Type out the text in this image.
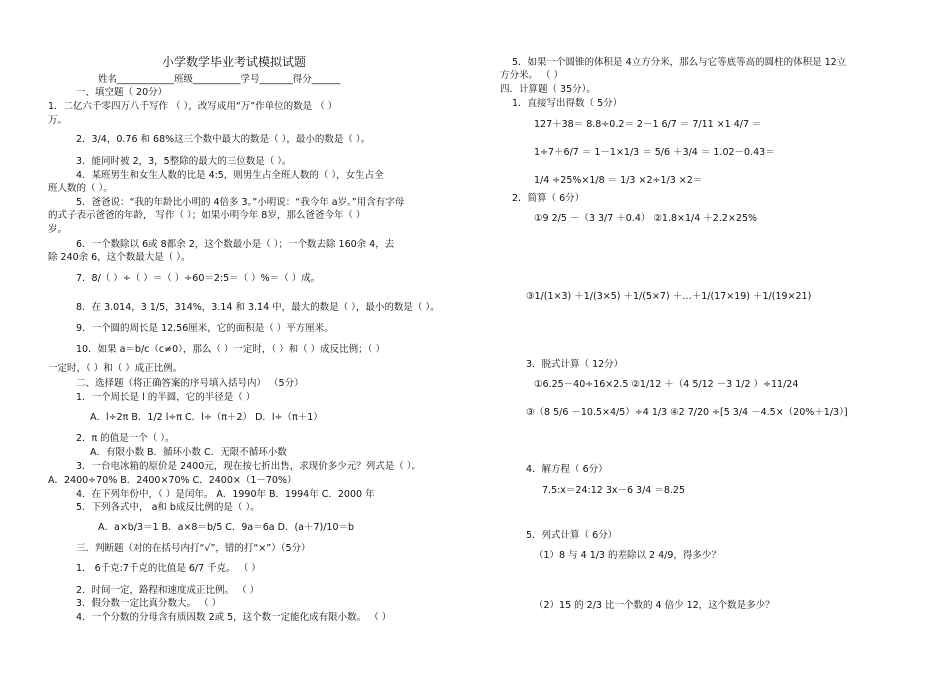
小学数学毕业考试模拟试题
姓名____________班级__________学号_______得分______
一、填空题（ 20分）
1．二亿六千零四万八千写作 （ ），改写成用“万”作单位的数是 （ ）
万。
2．3/4，0.76 和 68%这三个数中最大的数是（ ），最小的数是（ ）。
3．能同时被 2，3，5整除的最大的三位数是（ ）。
4．某班男生和女生人数的比是 4:5，则男生占全班人数的（ ），女生占全
班人数的（ ）。
5．爸爸说：“我的年龄比小明的 4倍多 3。”小明说：“我今年 a岁。”用含有字母
的式子表示爸爸的年龄， 写作（ ）；如果小明今年 8岁，那么爸爸今年（ ）
岁。
6．一个数除以 6或 8都余 2，这个数最小是（ ）；一个数去除 160余 4，去
除 240余 6，这个数最大是（ ）。
7．8/（ ）÷（ ）＝（ ）÷60＝2:5＝（ ）%＝（ ）成。
8．在 3.014，3 1/5，314%，3.14̇ 和 3.1̇4̇ 中，最大的数是（ ），最小的数是（ ）。
9．一个圆的周长是 12.56厘米，它的面积是（ ）平方厘米。
10．如果 a＝b/c（c≠0），那么（ ）一定时，（ ）和（ ）成反比例；（ ）
一定时，（ ）和（ ）成正比例。
二、选择题（将正确答案的序号填入括号内） （5分）
1．一个周长是 l 的半圆，它的半径是（ ）
A．l÷2π B．1/2 l÷π C．l÷（π＋2） D．l÷（π＋1）
2．π 的值是一个（ ）。
A．有限小数 B．循环小数 C．无限不循环小数
3．一台电冰箱的原价是 2400元，现在按七折出售，求现价多少元？列式是（ ）。
A．2400÷70% B．2400×70% C．2400×（1－70%）
4．在下列年份中，（ ）是闰年。 A．1990年 B．1994年 C．2000 年
5．下列各式中， a和 b成反比例的是（ ）。
A．a×b/3＝1 B．a×8＝b/5 C．9a＝6a D．(a＋7)/10＝b
三．判断题（对的在括号内打“√”，错的打“×”）（5分）
1． 6千克:7千克的比值是 6/7 千克。 （ ）
2．时间一定，路程和速度成正比例。 （ ）
3．假分数一定比真分数大。 （ ）
4．一个分数的分母含有质因数 2或 5，这个数一定能化成有限小数。 （ ）
5．如果一个圆锥的体积是 4立方分米，那么与它等底等高的圆柱的体积是 12立
方分米。 （ ）
四．计算题（ 35分）。
1．直接写出得数（ 5分）
127＋38＝ 8.8÷0.2＝ 2－1 6/7 ＝ 7/11 ×1 4/7 ＝
1÷7＋6/7 ＝ 1－1×1/3 ＝ 5/6 ＋3/4 ＝ 1.02－0.43＝
1/4 ÷25%×1/8 ＝ 1/3 ×2÷1/3 ×2＝
2．简算（ 6分）
①9 2/5 －（3 3/7 ＋0.4） ②1.8×1/4 ＋2.2×25%
③1/(1×3) ＋1/(3×5) ＋1/(5×7) ＋…＋1/(17×19) ＋1/(19×21)
3．脱式计算（ 12分）
①6.25－40÷16×2.5 ②1/12 ＋（4 5/12 －3 1/2 ）÷11/24
③（8 5/6 －10.5×4/5）÷4 1/3 ④2 7/20 ÷[5 3/4 －4.5×（20%＋1/3）]
4．解方程（ 6分）
7.5:x＝24:12 3x－6 3/4 ＝8.25
5．列式计算（ 6分）
（1）8 与 4 1/3 的差除以 2 4/9，得多少？
（2）15 的 2/3 比一个数的 4 倍少 12，这个数是多少？
